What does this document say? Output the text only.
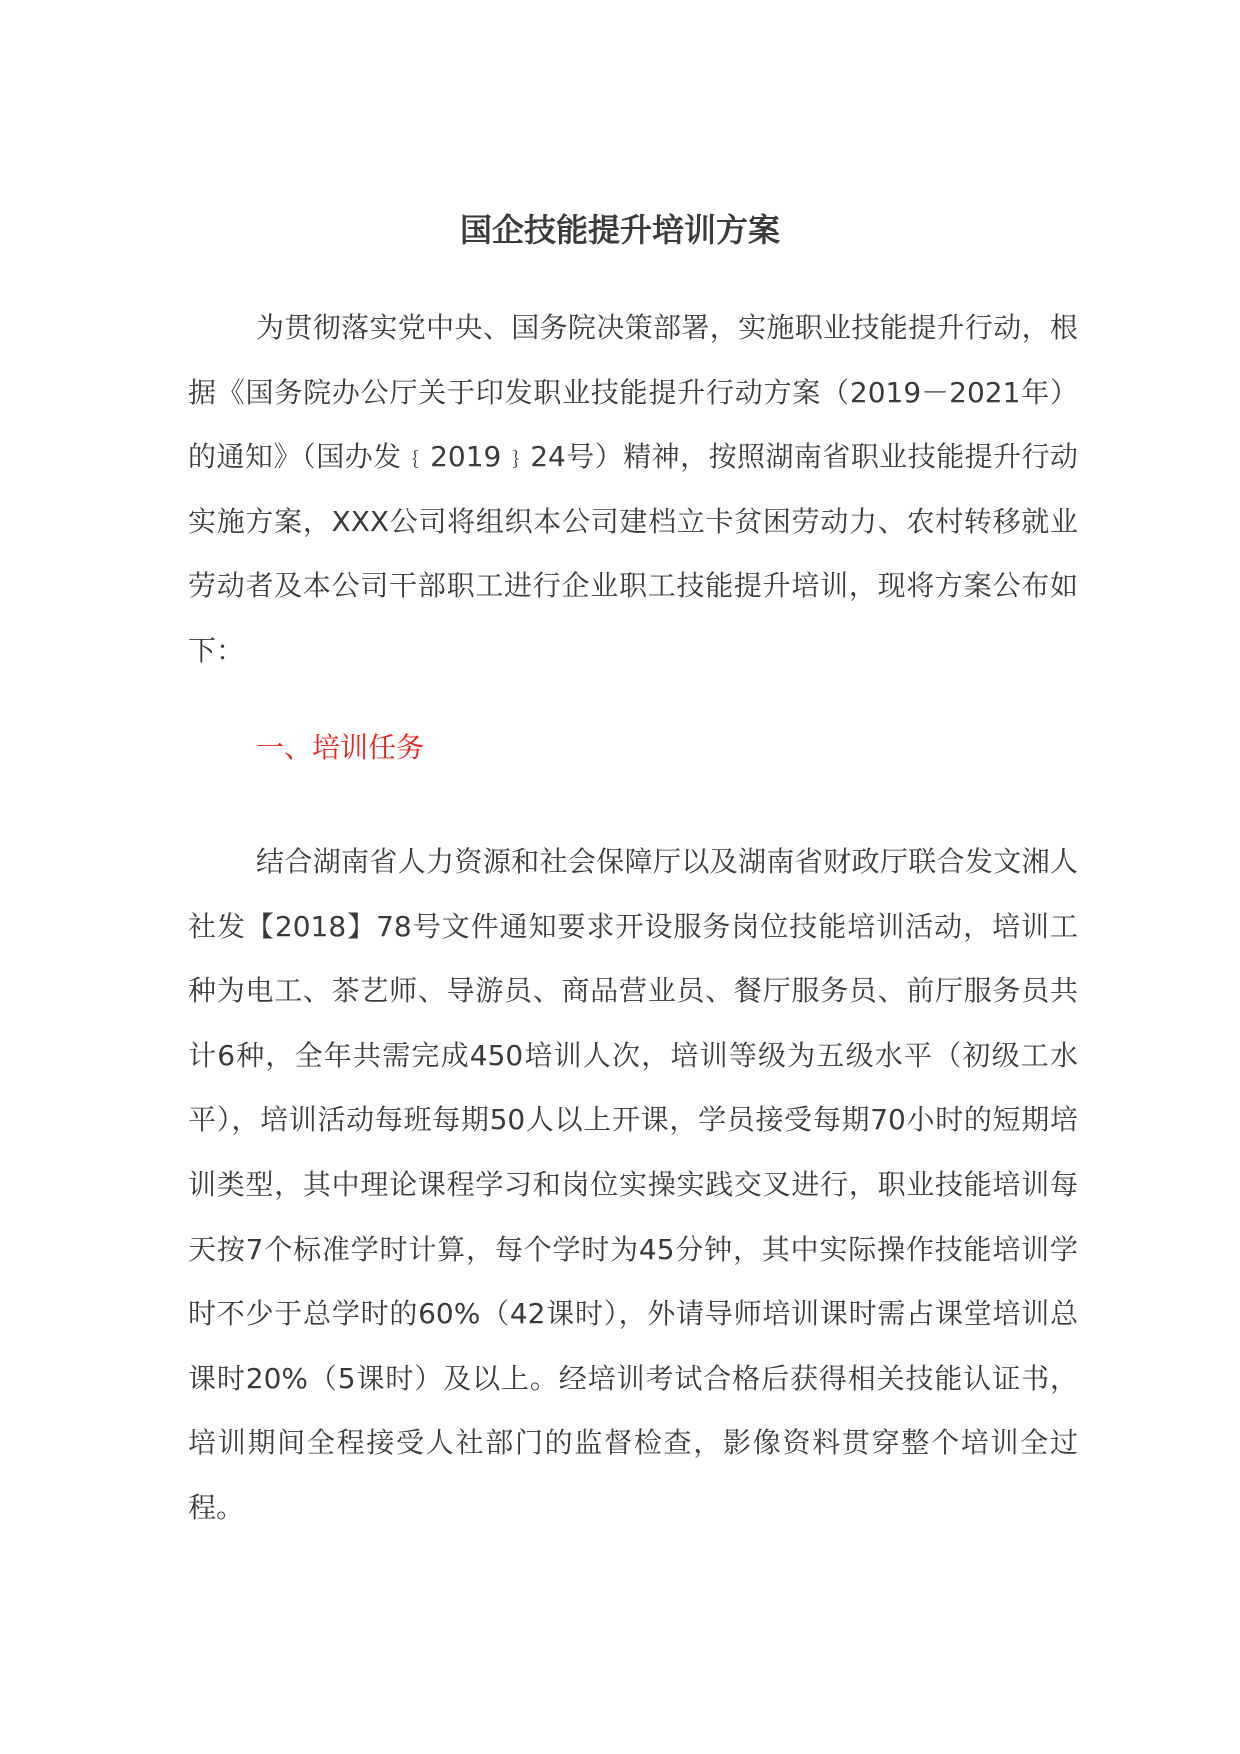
国企技能提升培训方案

为贯彻落实党中央、国务院决策部署，实施职业技能提升行动，根据《国务院办公厅关于印发职业技能提升行动方案（2019－2021年）的通知》（国办发﹛2019﹜24号）精神，按照湖南省职业技能提升行动实施方案，XXX公司将组织本公司建档立卡贫困劳动力、农村转移就业劳动者及本公司干部职工进行企业职工技能提升培训，现将方案公布如下：

一、培训任务

结合湖南省人力资源和社会保障厅以及湖南省财政厅联合发文湘人社发【2018】78号文件通知要求开设服务岗位技能培训活动，培训工种为电工、茶艺师、导游员、商品营业员、餐厅服务员、前厅服务员共计6种，全年共需完成450培训人次，培训等级为五级水平（初级工水平），培训活动每班每期50人以上开课，学员接受每期70小时的短期培训类型，其中理论课程学习和岗位实操实践交叉进行，职业技能培训每天按7个标准学时计算，每个学时为45分钟，其中实际操作技能培训学时不少于总学时的60%（42课时），外请导师培训课时需占课堂培训总课时20%（5课时）及以上。经培训考试合格后获得相关技能认证书，培训期间全程接受人社部门的监督检查，影像资料贯穿整个培训全过程。
